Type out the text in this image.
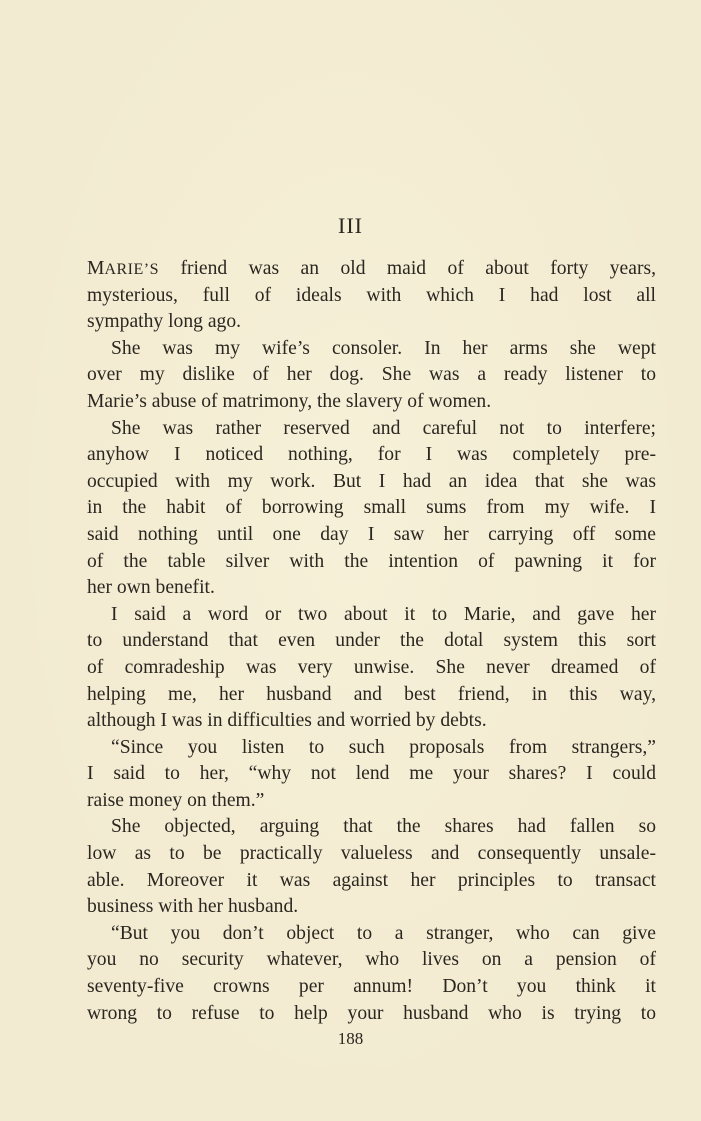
III
MARIE’S friend was an old maid of about forty years,
mysterious, full of ideals with which I had lost all
sympathy long ago.
She was my wife’s consoler. In her arms she wept
over my dislike of her dog. She was a ready listener to
Marie’s abuse of matrimony, the slavery of women.
She was rather reserved and careful not to interfere;
anyhow I noticed nothing, for I was completely pre-
occupied with my work. But I had an idea that she was
in the habit of borrowing small sums from my wife. I
said nothing until one day I saw her carrying off some
of the table silver with the intention of pawning it for
her own benefit.
I said a word or two about it to Marie, and gave her
to understand that even under the dotal system this sort
of comradeship was very unwise. She never dreamed of
helping me, her husband and best friend, in this way,
although I was in difficulties and worried by debts.
“Since you listen to such proposals from strangers,”
I said to her, “why not lend me your shares? I could
raise money on them.”
She objected, arguing that the shares had fallen so
low as to be practically valueless and consequently unsale-
able. Moreover it was against her principles to transact
business with her husband.
“But you don’t object to a stranger, who can give
you no security whatever, who lives on a pension of
seventy-five crowns per annum! Don’t you think it
wrong to refuse to help your husband who is trying to
188
